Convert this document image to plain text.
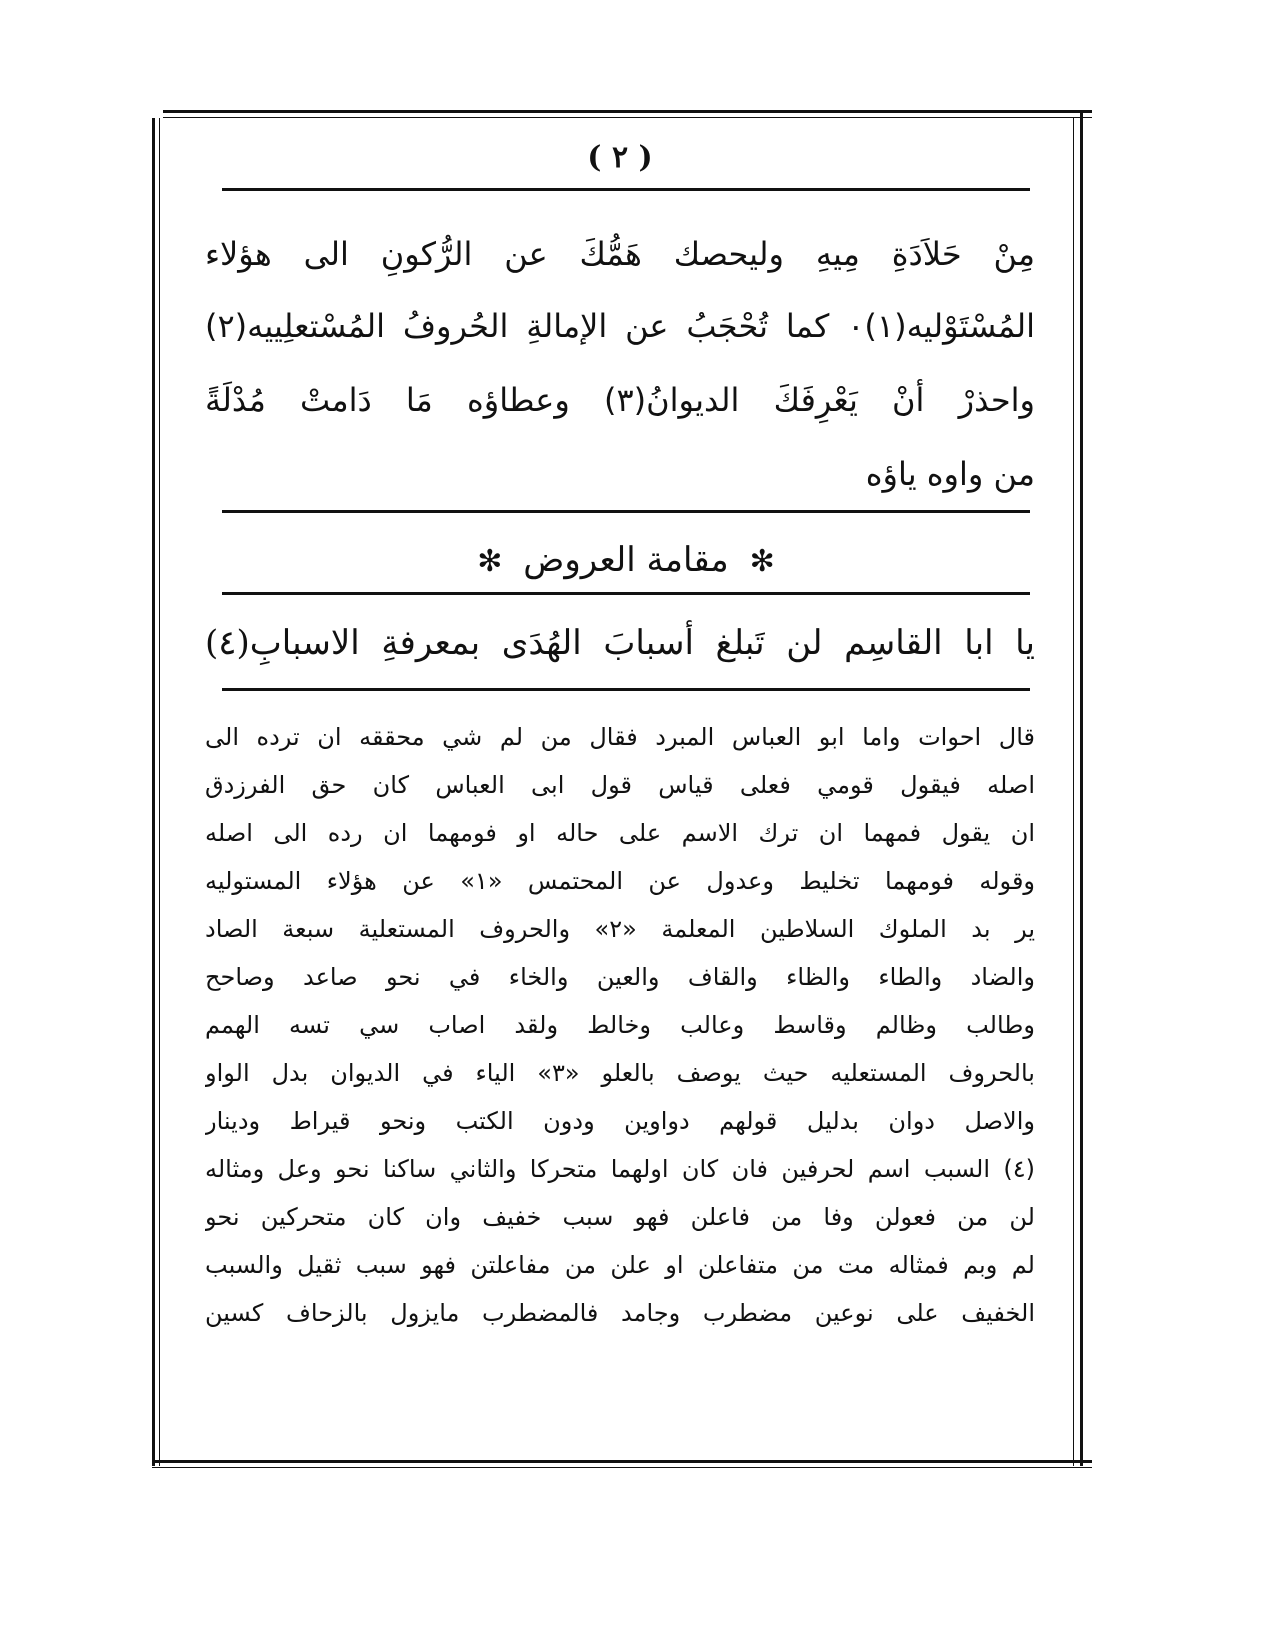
( ٢ )
مِنْ حَلاَدَةِ مِيهِ وليحصك هَمُّكَ عن الرُّكونِ الى هؤلاء
المُسْتَوْليه(١)٠ كما تُحْجَبُ عن الإمالةِ الحُروفُ المُسْتعلِييه(٢)
واحذرْ أنْ يَعْرِفَكَ الديوانُ(٣) وعطاؤه مَا دَامتْ مُدْلَةً
من واوه ياؤه
✻ مقامة العروض ✻
يا ابا القاسِم لن تَبلغ أسبابَ الهُدَى بمعرفةِ الاسبابِ(٤)
قال احوات واما ابو العباس المبرد فقال من لم شي محققه ان ترده الى
اصله فيقول قومي فعلى قياس قول ابى العباس كان حق الفرزدق
ان يقول فمهما ان ترك الاسم على حاله او فومهما ان رده الى اصله
وقوله فومهما تخليط وعدول عن المحتمس «١» عن هؤلاء المستوليه
ير بد الملوك السلاطين المعلمة «٢» والحروف المستعلية سبعة الصاد
والضاد والطاء والظاء والقاف والعين والخاء في نحو صاعد وصاحح
وطالب وظالم وقاسط وعالب وخالط ولقد اصاب سي تسه الهمم
بالحروف المستعليه حيث يوصف بالعلو «٣» الياء في الديوان بدل الواو
والاصل دوان بدليل قولهم دواوين ودون الكتب ونحو قيراط ودينار
(٤) السبب اسم لحرفين فان كان اولهما متحركا والثاني ساكنا نحو وعل ومثاله
لن من فعولن وفا من فاعلن فهو سبب خفيف وان كان متحركين نحو
لم وبم فمثاله مت من متفاعلن او علن من مفاعلتن فهو سبب ثقيل والسبب
الخفيف على نوعين مضطرب وجامد فالمضطرب مايزول بالزحاف كسين
